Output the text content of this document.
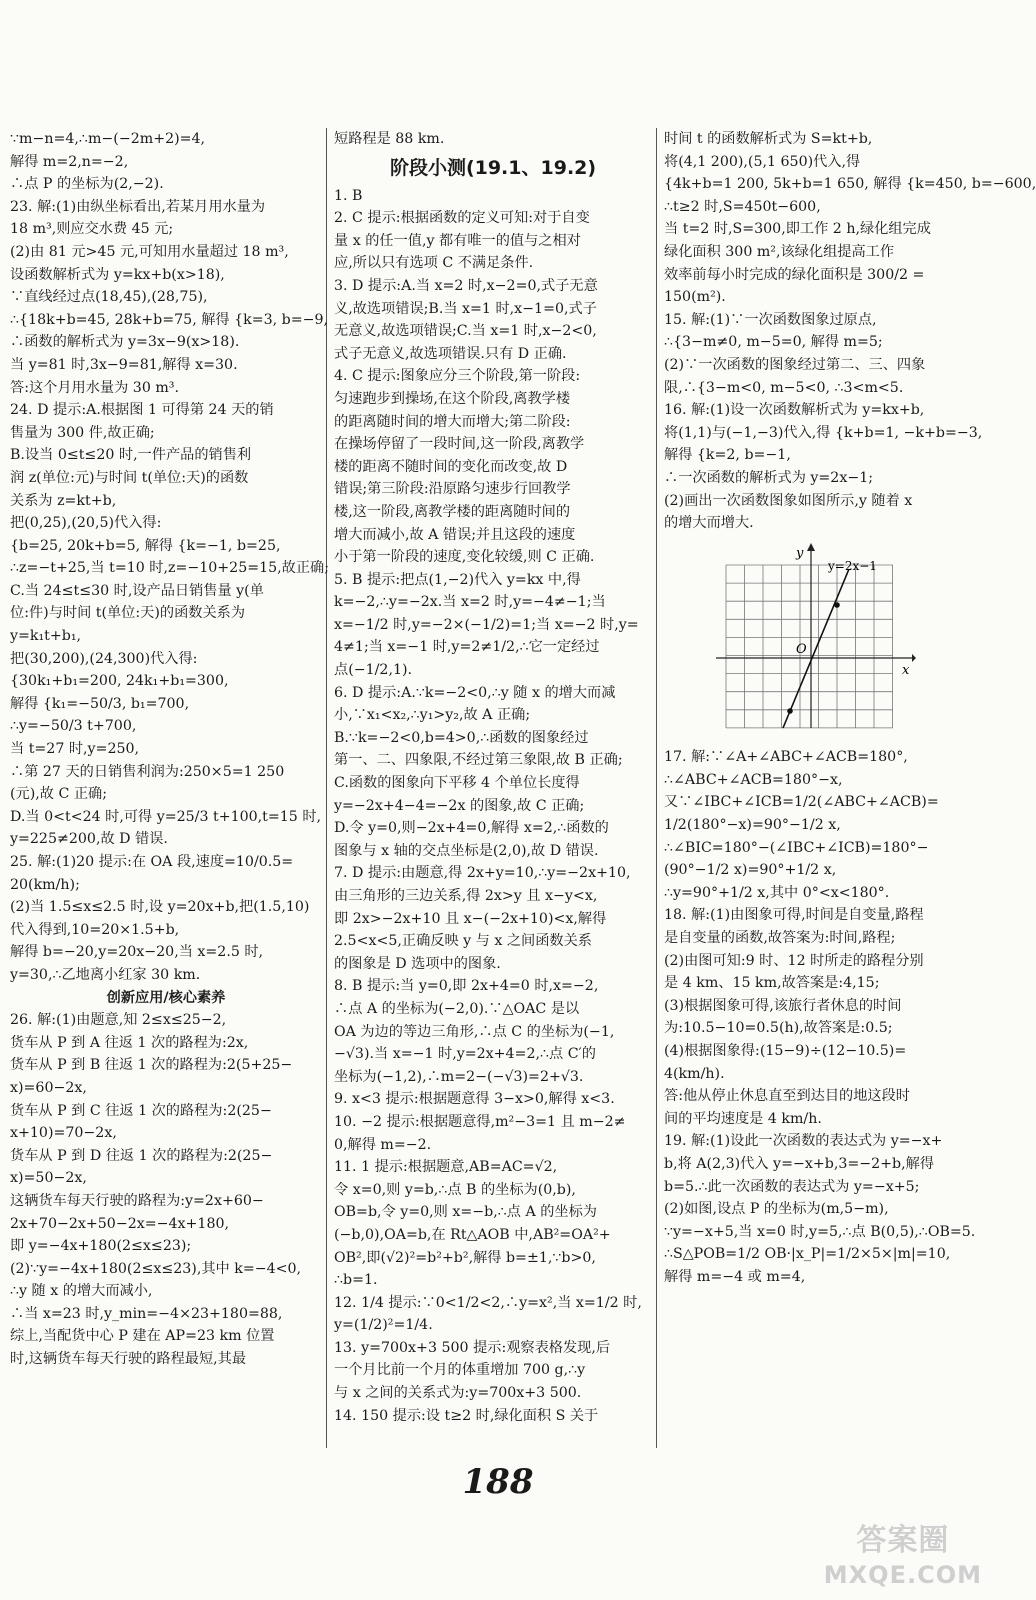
∵m−n=4,∴m−(−2m+2)=4,
解得 m=2,n=−2,
∴点 P 的坐标为(2,−2).
23. 解:(1)由纵坐标看出,若某月用水量为
18 m³,则应交水费 45 元;
(2)由 81 元>45 元,可知用水量超过 18 m³,
设函数解析式为 y=kx+b(x>18),
∵直线经过点(18,45),(28,75),
∴{18k+b=45, 28k+b=75, 解得 {k=3, b=−9,
∴函数的解析式为 y=3x−9(x>18).
当 y=81 时,3x−9=81,解得 x=30.
答:这个月用水量为 30 m³.
24. D 提示:A.根据图 1 可得第 24 天的销
售量为 300 件,故正确;
B.设当 0≤t≤20 时,一件产品的销售利
润 z(单位:元)与时间 t(单位:天)的函数
关系为 z=kt+b,
把(0,25),(20,5)代入得:
{b=25, 20k+b=5, 解得 {k=−1, b=25,
∴z=−t+25,当 t=10 时,z=−10+25=15,故正确;
C.当 24≤t≤30 时,设产品日销售量 y(单
位:件)与时间 t(单位:天)的函数关系为
y=k₁t+b₁,
把(30,200),(24,300)代入得:
{30k₁+b₁=200, 24k₁+b₁=300,
解得 {k₁=−50/3, b₁=700,
∴y=−50/3 t+700,
当 t=27 时,y=250,
∴第 27 天的日销售利润为:250×5=1 250
(元),故 C 正确;
D.当 0<t<24 时,可得 y=25/3 t+100,t=15 时,
y=225≠200,故 D 错误.
25. 解:(1)20 提示:在 OA 段,速度=10/0.5=
20(km/h);
(2)当 1.5≤x≤2.5 时,设 y=20x+b,把(1.5,10)
代入得到,10=20×1.5+b,
解得 b=−20,y=20x−20,当 x=2.5 时,
y=30,∴乙地离小红家 30 km.
创新应用/核心素养
26. 解:(1)由题意,知 2≤x≤25−2,
货车从 P 到 A 往返 1 次的路程为:2x,
货车从 P 到 B 往返 1 次的路程为:2(5+25−
x)=60−2x,
货车从 P 到 C 往返 1 次的路程为:2(25−
x+10)=70−2x,
货车从 P 到 D 往返 1 次的路程为:2(25−
x)=50−2x,
这辆货车每天行驶的路程为:y=2x+60−
2x+70−2x+50−2x=−4x+180,
即 y=−4x+180(2≤x≤23);
(2)∵y=−4x+180(2≤x≤23),其中 k=−4<0,
∴y 随 x 的增大而减小,
∴当 x=23 时,y_min=−4×23+180=88,
综上,当配货中心 P 建在 AP=23 km 位置
时,这辆货车每天行驶的路程最短,其最
短路程是 88 km.
阶段小测(19.1、19.2)
1. B
2. C 提示:根据函数的定义可知:对于自变
量 x 的任一值,y 都有唯一的值与之相对
应,所以只有选项 C 不满足条件.
3. D 提示:A.当 x=2 时,x−2=0,式子无意
义,故选项错误;B.当 x=1 时,x−1=0,式子
无意义,故选项错误;C.当 x=1 时,x−2<0,
式子无意义,故选项错误.只有 D 正确.
4. C 提示:图象应分三个阶段,第一阶段:
匀速跑步到操场,在这个阶段,离教学楼
的距离随时间的增大而增大;第二阶段:
在操场停留了一段时间,这一阶段,离教学
楼的距离不随时间的变化而改变,故 D
错误;第三阶段:沿原路匀速步行回教学
楼,这一阶段,离教学楼的距离随时间的
增大而减小,故 A 错误;并且这段的速度
小于第一阶段的速度,变化较缓,则 C 正确.
5. B 提示:把点(1,−2)代入 y=kx 中,得
k=−2,∴y=−2x.当 x=2 时,y=−4≠−1;当
x=−1/2 时,y=−2×(−1/2)=1;当 x=−2 时,y=
4≠1;当 x=−1 时,y=2≠1/2,∴它一定经过
点(−1/2,1).
6. D 提示:A.∵k=−2<0,∴y 随 x 的增大而减
小,∵x₁<x₂,∴y₁>y₂,故 A 正确;
B.∵k=−2<0,b=4>0,∴函数的图象经过
第一、二、四象限,不经过第三象限,故 B 正确;
C.函数的图象向下平移 4 个单位长度得
y=−2x+4−4=−2x 的图象,故 C 正确;
D.令 y=0,则−2x+4=0,解得 x=2,∴函数的
图象与 x 轴的交点坐标是(2,0),故 D 错误.
7. D 提示:由题意,得 2x+y=10,∴y=−2x+10,
由三角形的三边关系,得 2x>y 且 x−y<x,
即 2x>−2x+10 且 x−(−2x+10)<x,解得
2.5<x<5,正确反映 y 与 x 之间函数关系
的图象是 D 选项中的图象.
8. B 提示:当 y=0,即 2x+4=0 时,x=−2,
∴点 A 的坐标为(−2,0).∵△OAC 是以
OA 为边的等边三角形,∴点 C 的坐标为(−1,
−√3).当 x=−1 时,y=2x+4=2,∴点 C′的
坐标为(−1,2),∴m=2−(−√3)=2+√3.
9. x<3 提示:根据题意得 3−x>0,解得 x<3.
10. −2 提示:根据题意得,m²−3=1 且 m−2≠
0,解得 m=−2.
11. 1 提示:根据题意,AB=AC=√2,
令 x=0,则 y=b,∴点 B 的坐标为(0,b),
OB=b,令 y=0,则 x=−b,∴点 A 的坐标为
(−b,0),OA=b,在 Rt△AOB 中,AB²=OA²+
OB²,即(√2)²=b²+b²,解得 b=±1,∵b>0,
∴b=1.
12. 1/4 提示:∵0<1/2<2,∴y=x²,当 x=1/2 时,
y=(1/2)²=1/4.
13. y=700x+3 500 提示:观察表格发现,后
一个月比前一个月的体重增加 700 g,∴y
与 x 之间的关系式为:y=700x+3 500.
14. 150 提示:设 t≥2 时,绿化面积 S 关于
时间 t 的函数解析式为 S=kt+b,
将(4,1 200),(5,1 650)代入,得
{4k+b=1 200, 5k+b=1 650, 解得 {k=450, b=−600,
∴t≥2 时,S=450t−600,
当 t=2 时,S=300,即工作 2 h,绿化组完成
绿化面积 300 m²,该绿化组提高工作
效率前每小时完成的绿化面积是 300/2 =
150(m²).
15. 解:(1)∵一次函数图象过原点,
∴{3−m≠0, m−5=0, 解得 m=5;
(2)∵一次函数的图象经过第二、三、四象
限,∴{3−m<0, m−5<0, ∴3<m<5.
16. 解:(1)设一次函数解析式为 y=kx+b,
将(1,1)与(−1,−3)代入,得 {k+b=1, −k+b=−3,
解得 {k=2, b=−1,
∴一次函数的解析式为 y=2x−1;
(2)画出一次函数图象如图所示,y 随着 x
的增大而增大.
y
x
O
y=2x−1
17. 解:∵∠A+∠ABC+∠ACB=180°,
∴∠ABC+∠ACB=180°−x,
又∵∠IBC+∠ICB=1/2(∠ABC+∠ACB)=
1/2(180°−x)=90°−1/2 x,
∴∠BIC=180°−(∠IBC+∠ICB)=180°−
(90°−1/2 x)=90°+1/2 x,
∴y=90°+1/2 x,其中 0°<x<180°.
18. 解:(1)由图象可得,时间是自变量,路程
是自变量的函数,故答案为:时间,路程;
(2)由图可知:9 时、12 时所走的路程分别
是 4 km、15 km,故答案是:4,15;
(3)根据图象可得,该旅行者休息的时间
为:10.5−10=0.5(h),故答案是:0.5;
(4)根据图象得:(15−9)÷(12−10.5)=
4(km/h).
答:他从停止休息直至到达目的地这段时
间的平均速度是 4 km/h.
19. 解:(1)设此一次函数的表达式为 y=−x+
b,将 A(2,3)代入 y=−x+b,3=−2+b,解得
b=5.∴此一次函数的表达式为 y=−x+5;
(2)如图,设点 P 的坐标为(m,5−m),
∵y=−x+5,当 x=0 时,y=5,∴点 B(0,5),∴OB=5.
∴S△POB=1/2 OB·|x_P|=1/2×5×|m|=10,
解得 m=−4 或 m=4,
188
答案圈
MXQE.COM
